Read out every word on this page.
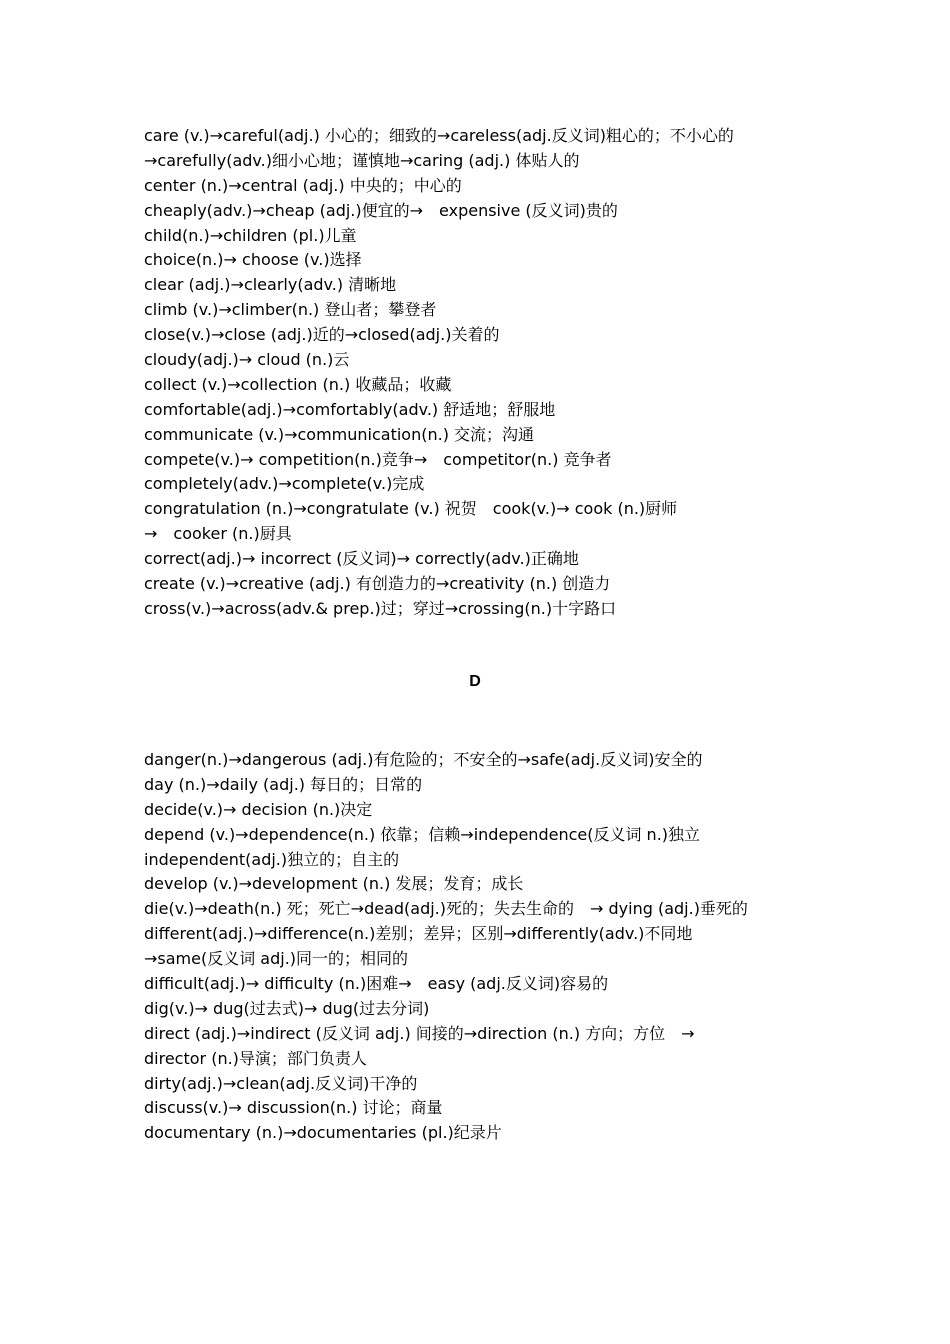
care (v.)→careful(adj.) 小心的；细致的→careless(adj.反义词)粗心的；不小心的
→carefully(adv.)细小心地；谨慎地→caring (adj.) 体贴人的
center (n.)→central (adj.) 中央的；中心的
cheaply(adv.)→cheap (adj.)便宜的→　expensive (反义词)贵的
child(n.)→children (pl.)儿童
choice(n.)→ choose (v.)选择
clear (adj.)→clearly(adv.) 清晰地
climb (v.)→climber(n.) 登山者；攀登者
close(v.)→close (adj.)近的→closed(adj.)关着的
cloudy(adj.)→ cloud (n.)云
collect (v.)→collection (n.) 收藏品；收藏
comfortable(adj.)→comfortably(adv.) 舒适地；舒服地
communicate (v.)→communication(n.) 交流；沟通
compete(v.)→ competition(n.)竞争→　competitor(n.) 竞争者
completely(adv.)→complete(v.)完成
congratulation (n.)→congratulate (v.) 祝贺　cook(v.)→ cook (n.)厨师
→　cooker (n.)厨具
correct(adj.)→ incorrect (反义词)→ correctly(adv.)正确地
create (v.)→creative (adj.) 有创造力的→creativity (n.) 创造力
cross(v.)→across(adv.& prep.)过；穿过→crossing(n.)十字路口
D
danger(n.)→dangerous (adj.)有危险的；不安全的→safe(adj.反义词)安全的
day (n.)→daily (adj.) 每日的；日常的
decide(v.)→ decision (n.)决定
depend (v.)→dependence(n.) 依靠；信赖→independence(反义词 n.)独立
independent(adj.)独立的；自主的
develop (v.)→development (n.) 发展；发育；成长
die(v.)→death(n.) 死；死亡→dead(adj.)死的；失去生命的　→ dying (adj.)垂死的
different(adj.)→difference(n.)差别；差异；区别→differently(adv.)不同地
→same(反义词 adj.)同一的；相同的
difficult(adj.)→ difficulty (n.)困难→　easy (adj.反义词)容易的
dig(v.)→ dug(过去式)→ dug(过去分词)
direct (adj.)→indirect (反义词 adj.) 间接的→direction (n.) 方向；方位　→
director (n.)导演；部门负责人
dirty(adj.)→clean(adj.反义词)干净的
discuss(v.)→ discussion(n.) 讨论；商量
documentary (n.)→documentaries (pl.)纪录片
